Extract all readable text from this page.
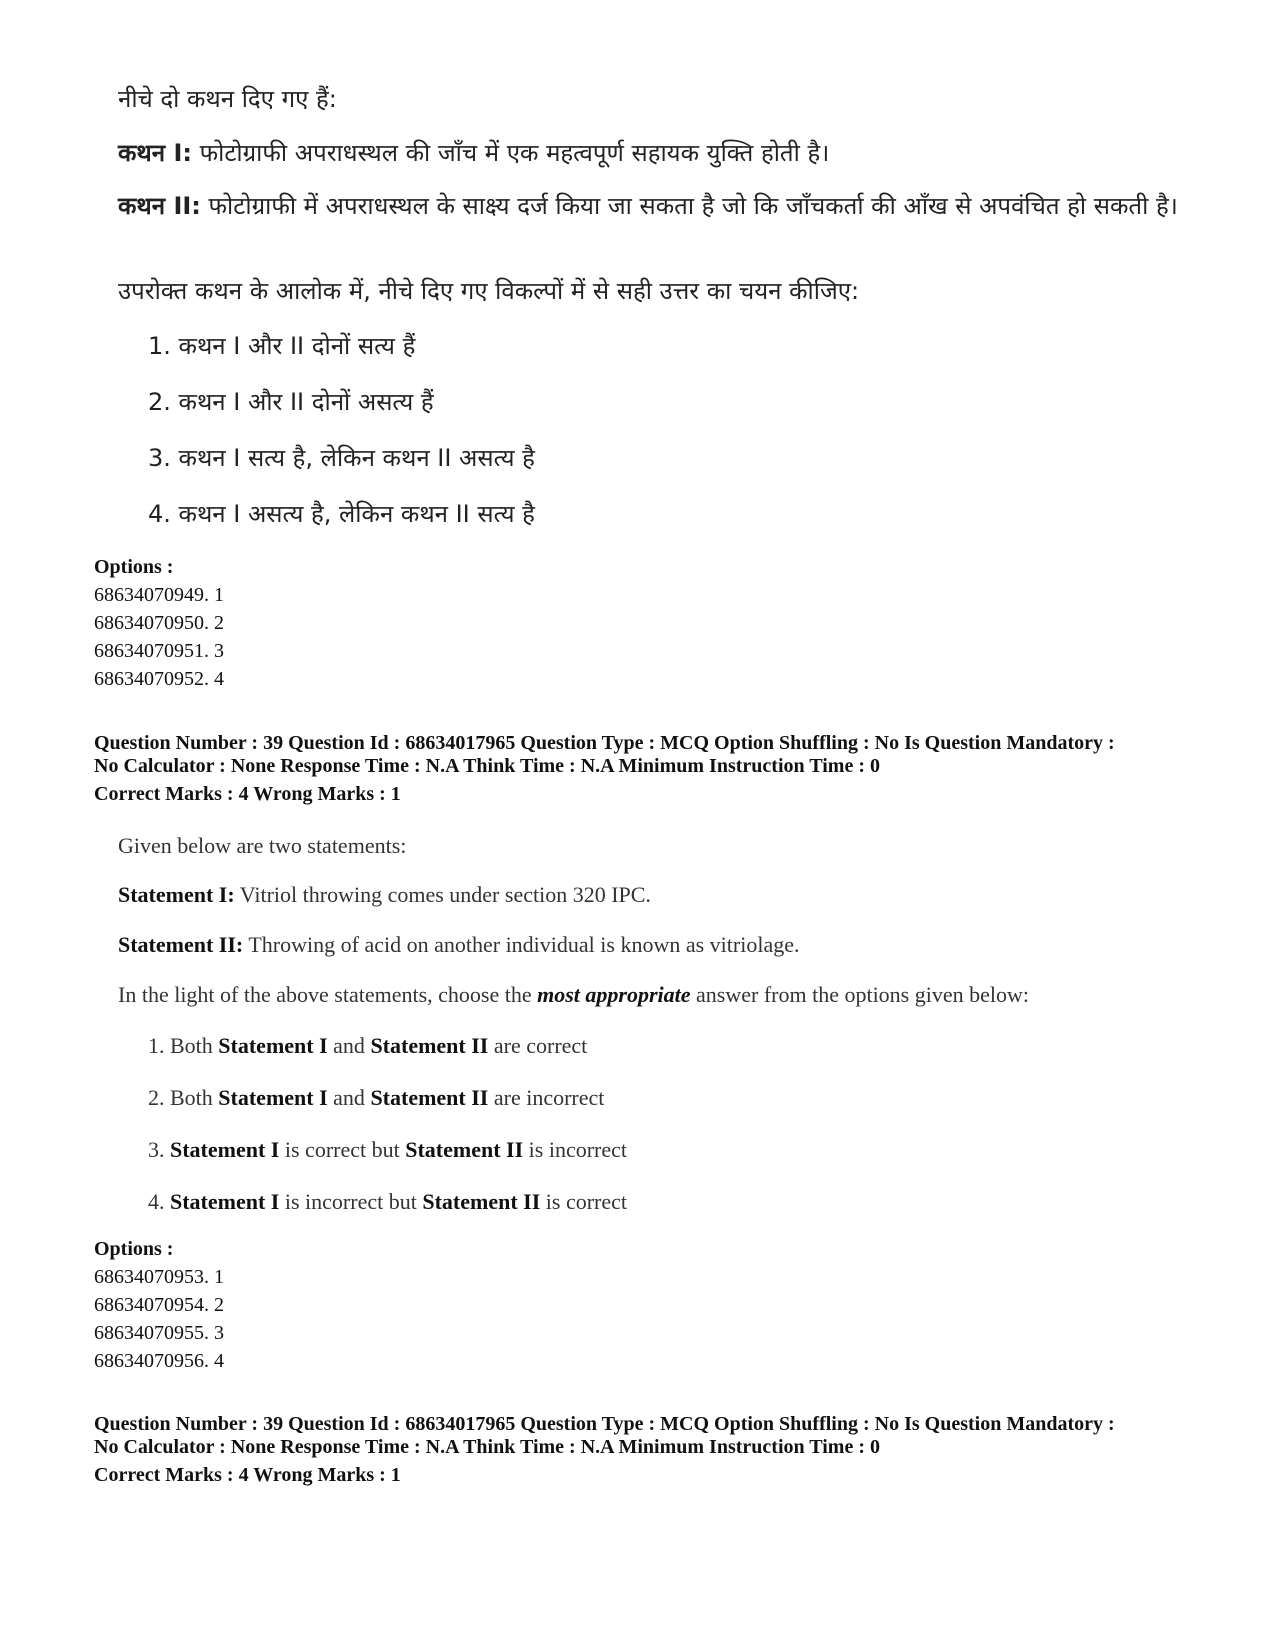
नीचे दो कथन दिए गए हैं:
कथन I: फोटोग्राफी अपराधस्थल की जाँच में एक महत्वपूर्ण सहायक युक्ति होती है।
कथन II: फोटोग्राफी में अपराधस्थल के साक्ष्य दर्ज किया जा सकता है जो कि जाँचकर्ता की आँख से अपवंचित हो सकती है।
उपरोक्त कथन के आलोक में, नीचे दिए गए विकल्पों में से सही उत्तर का चयन कीजिए:
1. कथन I और II दोनों सत्य हैं
2. कथन I और II दोनों असत्य हैं
3. कथन I सत्य है, लेकिन कथन II असत्य है
4. कथन I असत्य है, लेकिन कथन II सत्य है
Options :
68634070949. 1
68634070950. 2
68634070951. 3
68634070952. 4
Question Number : 39 Question Id : 68634017965 Question Type : MCQ Option Shuffling : No Is Question Mandatory :
No Calculator : None Response Time : N.A Think Time : N.A Minimum Instruction Time : 0
Correct Marks : 4 Wrong Marks : 1
Given below are two statements:
Statement I: Vitriol throwing comes under section 320 IPC.
Statement II: Throwing of acid on another individual is known as vitriolage.
In the light of the above statements, choose the most appropriate answer from the options given below:
1. Both Statement I and Statement II are correct
2. Both Statement I and Statement II are incorrect
3. Statement I is correct but Statement II is incorrect
4. Statement I is incorrect but Statement II is correct
Options :
68634070953. 1
68634070954. 2
68634070955. 3
68634070956. 4
Question Number : 39 Question Id : 68634017965 Question Type : MCQ Option Shuffling : No Is Question Mandatory :
No Calculator : None Response Time : N.A Think Time : N.A Minimum Instruction Time : 0
Correct Marks : 4 Wrong Marks : 1
